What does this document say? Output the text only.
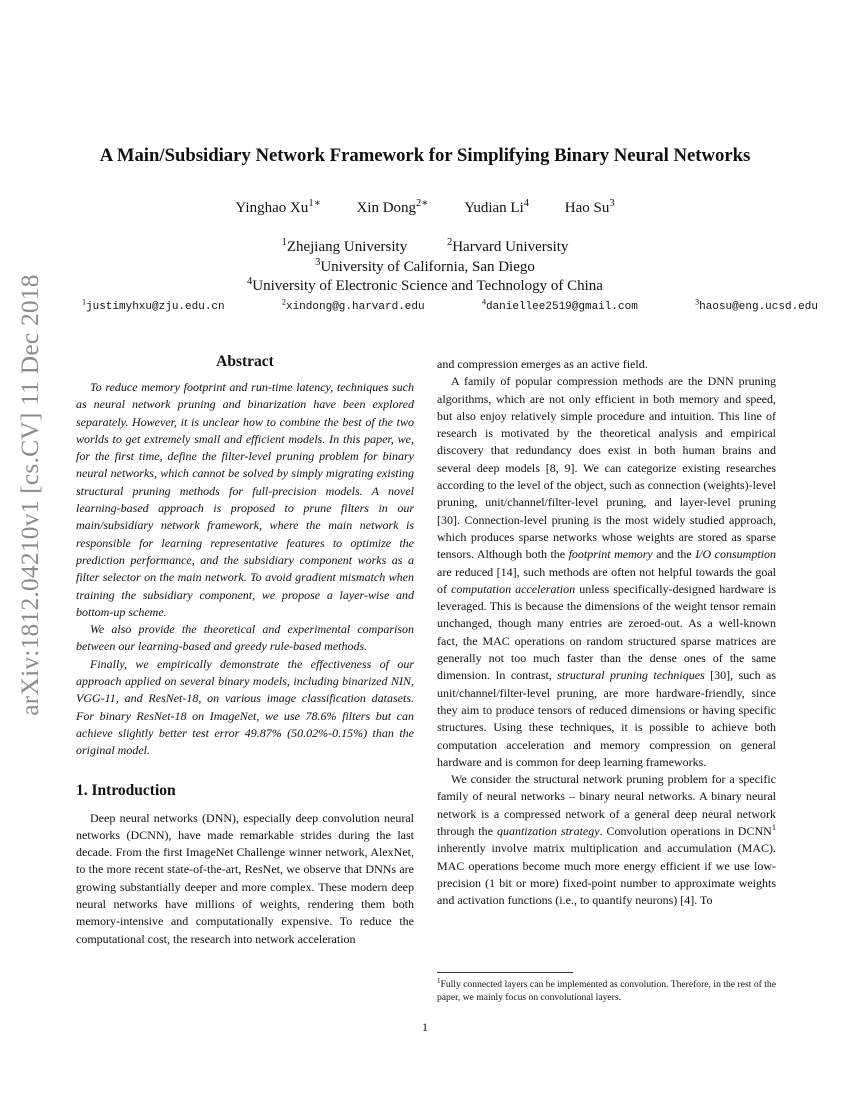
arXiv:1812.04210v1 [cs.CV] 11 Dec 2018
A Main/Subsidiary Network Framework for Simplifying Binary Neural Networks
Yinghao $Xu^{1∗}$ Xin Dong$^{2∗}$ Yudian Li$^4$ Hao Su$^3$
$^1$Zhejiang University	$^2$Harvard University
$^3$University of California, San Diego
$^4$University of Electronic Science and Technology of China
$^1$justimyhxu@zju.edu.cn	$^2$xindong@g.harvard.edu	$^4$daniellee2519@gmail.com	$^3$haosu@eng.ucsd.edu
Abstract

To reduce memory footprint and run-time latency, techniques such as neural network pruning and binarization have been explored separately. However, it is unclear how to combine the best of the two worlds to get extremely small and efficient models. In this paper, we, for the first time, define the filter-level pruning problem for binary neural networks, which cannot be solved by simply migrating existing structural pruning methods for full-precision models. A novel learning-based approach is proposed to prune filters in our main/subsidiary network framework, where the main network is responsible for learning representative features to optimize the prediction performance, and the subsidiary component works as a filter selector on the main network. To avoid gradient mismatch when training the subsidiary component, we propose a layer-wise and bottom-up scheme.

We also provide the theoretical and experimental comparison between our learning-based and greedy rule-based methods.

Finally, we empirically demonstrate the effectiveness of our approach applied on several binary models, including binarized NIN, VGG-11, and ResNet-18, on various image classification datasets. For binary ResNet-18 on ImageNet, we use 78.6% filters but can achieve slightly better test error 49.87% (50.02%-0.15%) than the original model.

1. Introduction

Deep neural networks (DNN), especially deep convolution neural networks (DCNN), have made remarkable strides during the last decade. From the first ImageNet Challenge winner network, AlexNet, to the more recent state-of-the-art, ResNet, we observe that DNNs are growing substantially deeper and more complex. These modern deep neural networks have millions of weights, rendering them both memory-intensive and computationally expensive. To reduce the computational cost, the research into network acceleration

and compression emerges as an active field.

A family of popular compression methods are the DNN pruning algorithms, which are not only efficient in both memory and speed, but also enjoy relatively simple procedure and intuition. This line of research is motivated by the theoretical analysis and empirical discovery that redundancy does exist in both human brains and several deep models [8, 9]. We can categorize existing researches according to the level of the object, such as connection (weights)-level pruning, unit/channel/filter-level pruning, and layer-level pruning [30]. Connection-level pruning is the most widely studied approach, which produces sparse networks whose weights are stored as sparse tensors. Although both the footprint memory and the I/O consumption are reduced [14], such methods are often not helpful towards the goal of computation acceleration unless specifically-designed hardware is leveraged. This is because the dimensions of the weight tensor remain unchanged, though many entries are zeroed-out. As a well-known fact, the MAC operations on random structured sparse matrices are generally not too much faster than the dense ones of the same dimension. In contrast, structural pruning techniques [30], such as unit/channel/filter-level pruning, are more hardware-friendly, since they aim to produce tensors of reduced dimensions or having specific structures. Using these techniques, it is possible to achieve both computation acceleration and memory compression on general hardware and is common for deep learning frameworks.

We consider the structural network pruning problem for a specific family of neural networks – binary neural networks. A binary neural network is a compressed network of a general deep neural network through the quantization strategy. Convolution operations in DCNN$^1$ inherently involve matrix multiplication and accumulation (MAC). MAC operations become much more energy efficient if we use low-precision (1 bit or more) fixed-point number to approximate weights and activation functions (i.e., to quantify neurons) [4]. To

$^1$Fully connected layers can be implemented as convolution. Therefore, in the rest of the paper, we mainly focus on convolutional layers.
1
